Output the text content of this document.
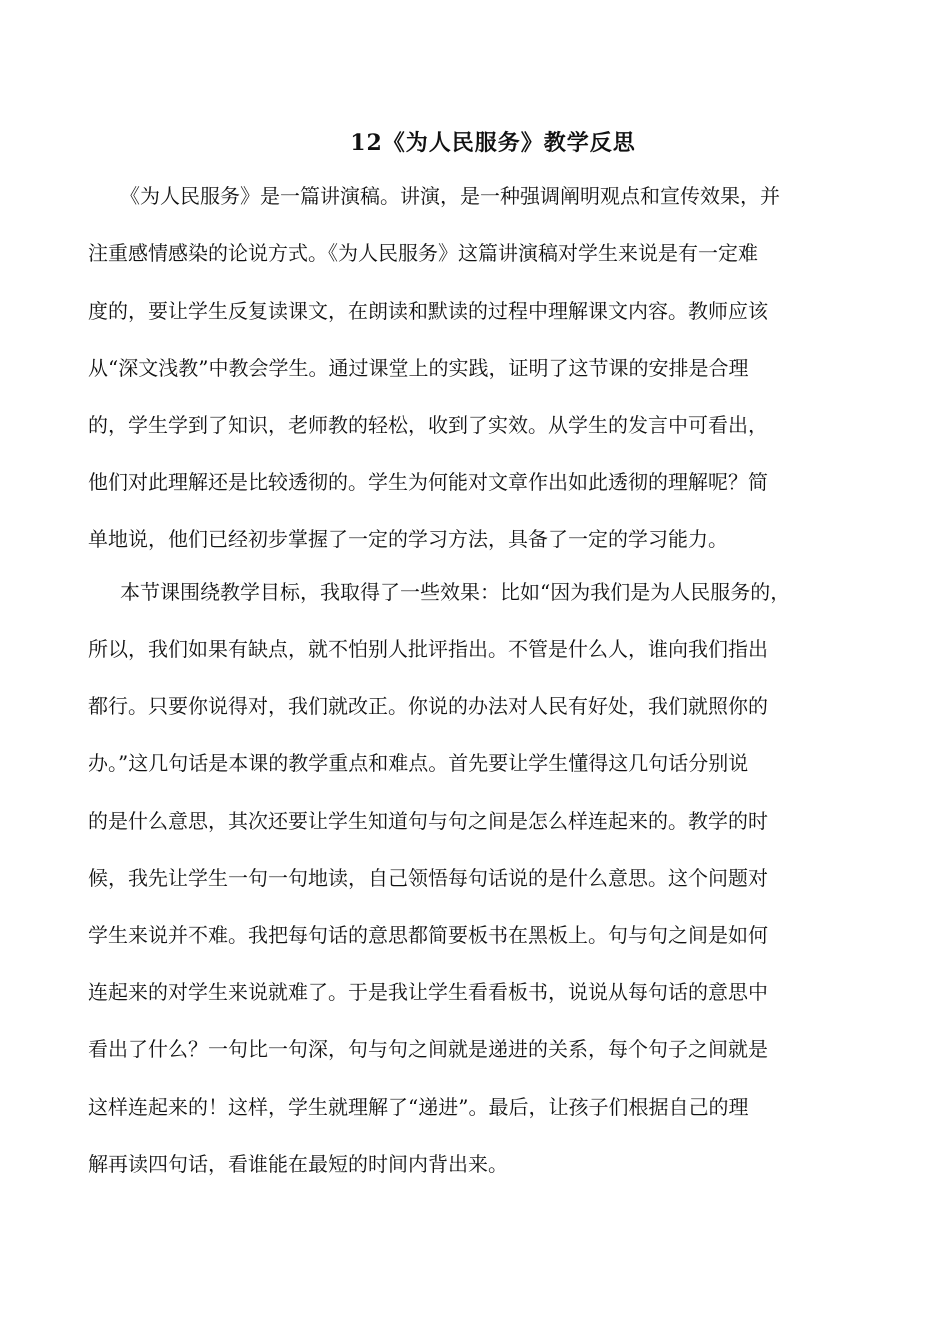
12《为人民服务》教学反思
《为人民服务》是一篇讲演稿。讲演，是一种强调阐明观点和宣传效果，并
注重感情感染的论说方式。《为人民服务》这篇讲演稿对学生来说是有一定难
度的，要让学生反复读课文，在朗读和默读的过程中理解课文内容。教师应该
从“深文浅教”中教会学生。通过课堂上的实践，证明了这节课的安排是合理
的，学生学到了知识，老师教的轻松，收到了实效。从学生的发言中可看出，
他们对此理解还是比较透彻的。学生为何能对文章作出如此透彻的理解呢？简
单地说，他们已经初步掌握了一定的学习方法，具备了一定的学习能力。
本节课围绕教学目标，我取得了一些效果：比如“因为我们是为人民服务的，
所以，我们如果有缺点，就不怕别人批评指出。不管是什么人，谁向我们指出
都行。只要你说得对，我们就改正。你说的办法对人民有好处，我们就照你的
办。”这几句话是本课的教学重点和难点。首先要让学生懂得这几句话分别说
的是什么意思，其次还要让学生知道句与句之间是怎么样连起来的。教学的时
候，我先让学生一句一句地读，自己领悟每句话说的是什么意思。这个问题对
学生来说并不难。我把每句话的意思都简要板书在黑板上。句与句之间是如何
连起来的对学生来说就难了。于是我让学生看看板书，说说从每句话的意思中
看出了什么？一句比一句深，句与句之间就是递进的关系，每个句子之间就是
这样连起来的！这样，学生就理解了“递进”。最后，让孩子们根据自己的理
解再读四句话，看谁能在最短的时间内背出来。
